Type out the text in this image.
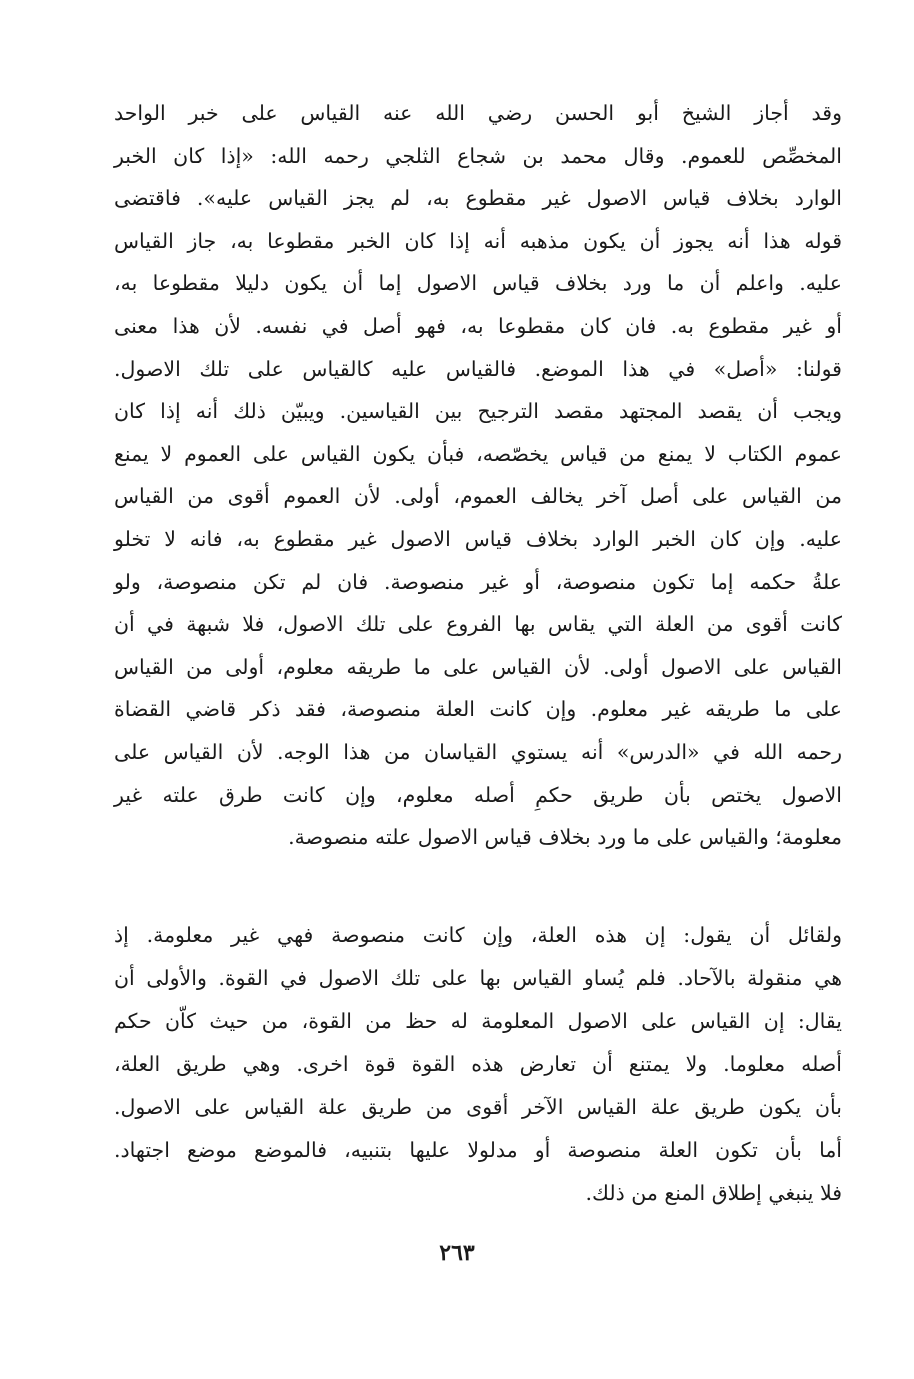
وقد أجاز الشيخ أبو الحسن رضي الله عنه القياس على خبر الواحد
المخصِّص للعموم. وقال محمد بن شجاع الثلجي رحمه الله: «إذا كان الخبر
الوارد بخلاف قياس الاصول غير مقطوع به، لم يجز القياس عليه». فاقتضى
قوله هذا أنه يجوز أن يكون مذهبه أنه إذا كان الخبر مقطوعا به، جاز القياس
عليه. واعلم أن ما ورد بخلاف قياس الاصول إما أن يكون دليلا مقطوعا به،
أو غير مقطوع به. فان كان مقطوعا به، فهو أصل في نفسه. لأن هذا معنى
قولنا: «أصل» في هذا الموضع. فالقياس عليه كالقياس على تلك الاصول.
ويجب أن يقصد المجتهد مقصد الترجيح بين القياسين. ويبيّن ذلك أنه إذا كان
عموم الكتاب لا يمنع من قياس يخصّصه، فبأن يكون القياس على العموم لا يمنع
من القياس على أصل آخر يخالف العموم، أولى. لأن العموم أقوى من القياس
عليه. وإن كان الخبر الوارد بخلاف قياس الاصول غير مقطوع به، فانه لا تخلو
علةُ حكمه إما تكون منصوصة، أو غير منصوصة. فان لم تكن منصوصة، ولو
كانت أقوى من العلة التي يقاس بها الفروع على تلك الاصول، فلا شبهة في أن
القياس على الاصول أولى. لأن القياس على ما طريقه معلوم، أولى من القياس
على ما طريقه غير معلوم. وإن كانت العلة منصوصة، فقد ذكر قاضي القضاة
رحمه الله في «الدرس» أنه يستوي القياسان من هذا الوجه. لأن القياس على
الاصول يختص بأن طريق حكمِ أصله معلوم، وإن كانت طرق علته غير
معلومة؛ والقياس على ما ورد بخلاف قياس الاصول علته منصوصة.
ولقائل أن يقول: إن هذه العلة، وإن كانت منصوصة فهي غير معلومة. إذ
هي منقولة بالآحاد. فلم يُساو القياس بها على تلك الاصول في القوة. والأولى أن
يقال: إن القياس على الاصول المعلومة له حظ من القوة، من حيث كاّن حكم
أصله معلوما. ولا يمتنع أن تعارض هذه القوة قوة اخرى. وهي طريق العلة،
بأن يكون طريق علة القياس الآخر أقوى من طريق علة القياس على الاصول.
أما بأن تكون العلة منصوصة أو مدلولا عليها بتنبيه، فالموضع موضع اجتهاد.
فلا ينبغي إطلاق المنع من ذلك.
٢٦٣
